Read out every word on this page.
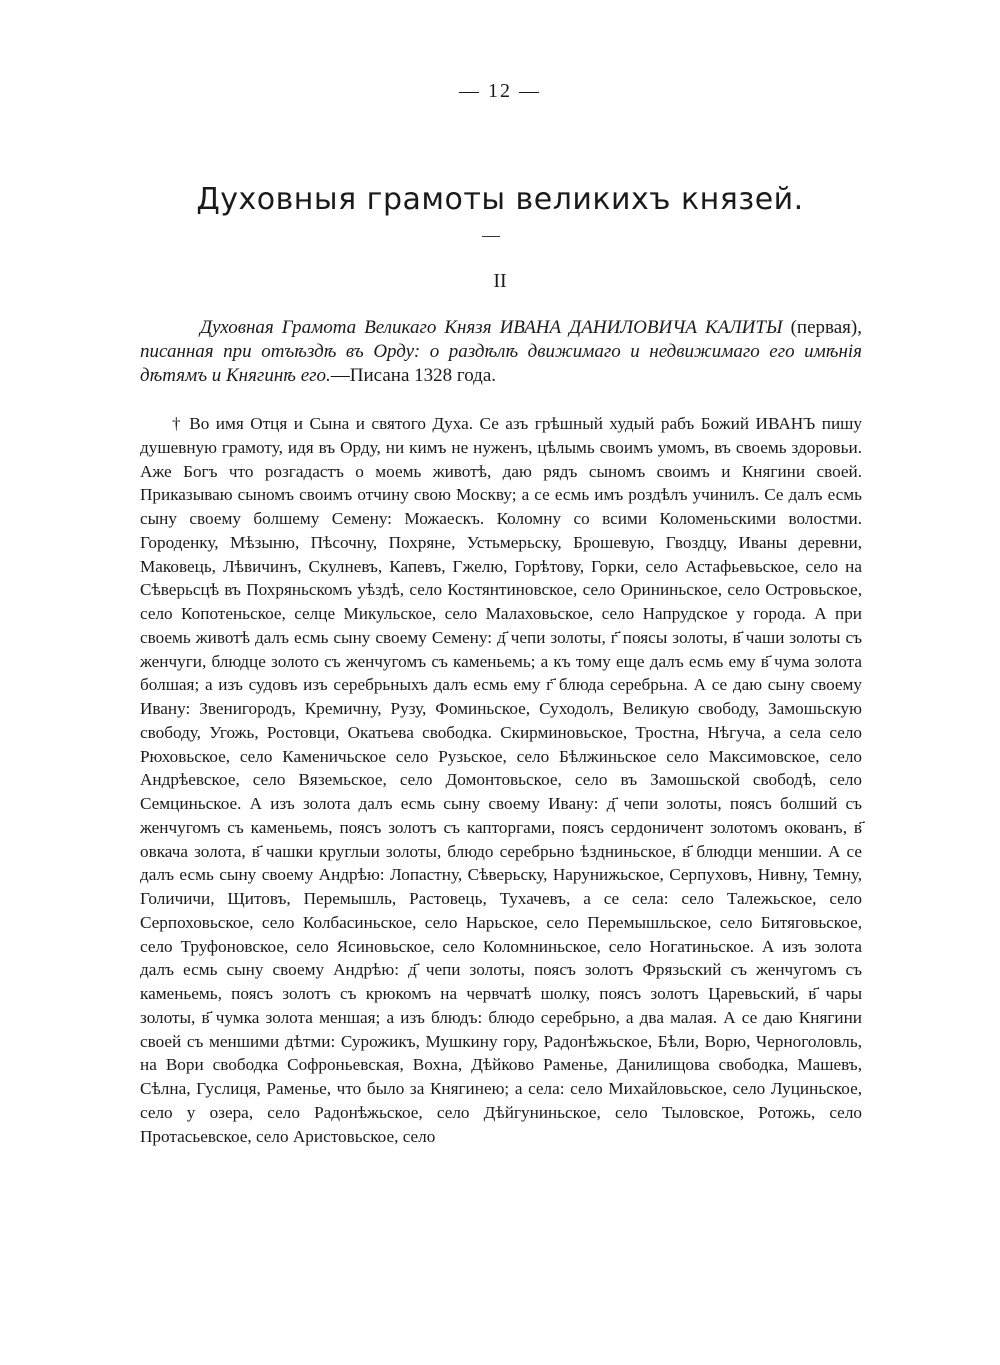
— 12 —
Духовныя грамоты великихъ князей.
II

Духовная Грамота Великаго Князя ИВАНА ДАНИЛОВИЧА КАЛИТЫ (первая), писанная при отъѣздѣ въ Орду: о раздѣлѣ движимаго и недвижимаго его имѣнія дѣтямъ и Княгинѣ его.—Писана 1328 года.

† Во имя Отця и Сына и святого Духа. Се азъ грѣшный худый рабъ Божий ИВАНЪ пишу душевную грамоту, идя въ Орду, ни кимъ не нуженъ, цѣлымь своимъ умомъ, въ своемь здоровьи. Аже Богъ что розгадастъ о моемь животѣ, даю рядъ сыномъ своимъ и Княгини своей. Приказываю сыномъ своимъ отчину свою Москву; а се есмь имъ роздѣлъ учинилъ. Се далъ есмь сыну своему болшему Семену: Можаескъ. Коломну со всими Коломеньскими волостми. Городенку, Мѣзыню, Пѣсочну, Похряне, Устьмерьску, Брошевую, Гвоздцу, Иваны деревни, Маковець, Лѣвичинъ, Скулневъ, Капевъ, Гжелю, Горѣтову, Горки, село Астафьевьское, село на Сѣверьсцѣ въ Похряньскомъ уѣздѣ, село Костянтиновское, село Орининьское, село Островьское, село Копотеньское, селце Микульское, село Малаховьское, село Напрудское у города. А при своемь животѣ далъ есмь сыну своему Семену: д҃ чепи золоты, г҃ поясы золоты, в҃ чаши золоты съ женчуги, блюдце золото съ женчугомъ съ каменьемь; а къ тому еще далъ есмь ему в҃ чума золота болшая; а изъ судовъ изъ серебрьныхъ далъ есмь ему г҃ блюда серебрьна. А се даю сыну своему Ивану: Звенигородъ, Кремичну, Рузу, Фоминьское, Суходолъ, Великую свободу, Замошьскую свободу, Угожь, Ростовци, Окатьева свободка. Скирминовьское, Тростна, Нѣгуча, а села село Рюховьское, село Каменичьское село Рузьское, село Бѣлжиньское село Максимовское, село Андрѣевское, село Вяземьское, село Домонтовьское, село въ Замошьской свободѣ, село Семциньское. А изъ золота далъ есмь сыну своему Ивану: д҃ чепи золоты, поясъ болший съ женчугомъ съ каменьемь, поясъ золотъ съ капторгами, поясъ сердоничент золотомъ окованъ, в҃ овкача золота, в҃ чашки круглыи золоты, блюдо серебрьно ѣздниньское, в҃ блюдци меншии. А се далъ есмь сыну своему Андрѣю: Лопастну, Сѣверьску, Нарунижьское, Серпуховъ, Нивну, Темну, Голичичи, Щитовъ, Перемышль, Растовець, Тухачевъ, а се села: село Талежьское, село Серпоховьское, село Колбасиньское, село Нарьское, село Перемышльское, село Битяговьское, село Труфоновское, село Ясиновьское, село Коломниньское, село Ногатиньское. А изъ золота далъ есмь сыну своему Андрѣю: д҃ чепи золоты, поясъ золотъ Фрязьский съ женчугомъ съ каменьемь, поясъ золотъ съ крюкомъ на червчатѣ шолку, поясъ золотъ Царевьский, в҃ чары золоты, в҃ чумка золота меншая; а изъ блюдъ: блюдо серебрьно, а два малая. А се даю Княгини своей съ меншими дѣтми: Сурожикъ, Мушкину гору, Радонѣжьское, Бѣли, Ворю, Черноголовль, на Вори свободка Софроньевская, Вохна, Дѣйково Раменье, Данилищова свободка, Машевъ, Сѣлна, Гуслиця, Раменье, что было за Княгинею; а села: село Михайловьское, село Луциньское, село у озера, село Радонѣжьское, село Дѣйгуниньское, село Тыловское, Ротожь, село Протасьевское, село Аристовьское, село
